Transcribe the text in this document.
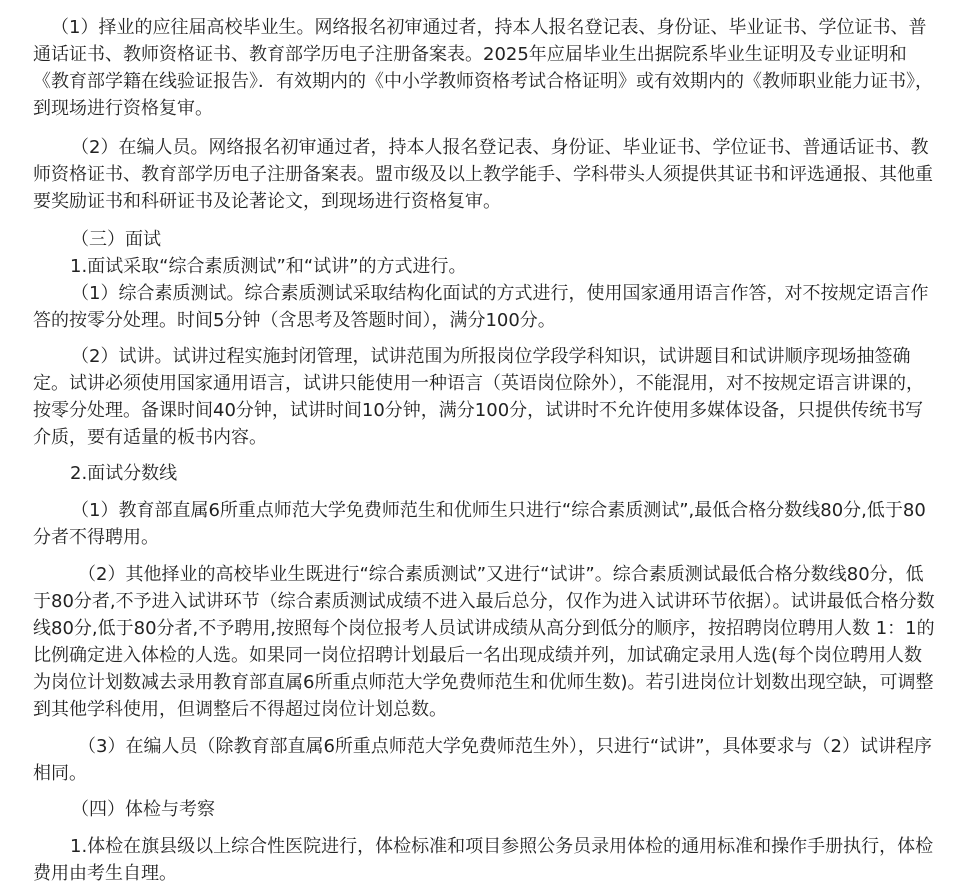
（1）择业的应往届高校毕业生。网络报名初审通过者，持本人报名登记表、身份证、毕业证书、学位证书、普通话证书、教师资格证书、教育部学历电子注册备案表。2025年应届毕业生出据院系毕业生证明及专业证明和《教育部学籍在线验证报告》．有效期内的《中小学教师资格考试合格证明》或有效期内的《教师职业能力证书》，到现场进行资格复审。

（2）在编人员。网络报名初审通过者，持本人报名登记表、身份证、毕业证书、学位证书、普通话证书、教师资格证书、教育部学历电子注册备案表。盟市级及以上教学能手、学科带头人须提供其证书和评选通报、其他重要奖励证书和科研证书及论著论文，到现场进行资格复审。

（三）面试

1.面试采取“综合素质测试”和“试讲”的方式进行。

（1）综合素质测试。综合素质测试采取结构化面试的方式进行，使用国家通用语言作答，对不按规定语言作答的按零分处理。时间5分钟（含思考及答题时间），满分100分。

（2）试讲。试讲过程实施封闭管理，试讲范围为所报岗位学段学科知识，试讲题目和试讲顺序现场抽签确定。试讲必须使用国家通用语言，试讲只能使用一种语言（英语岗位除外），不能混用，对不按规定语言讲课的，按零分处理。备课时间40分钟，试讲时间10分钟，满分100分，试讲时不允许使用多媒体设备，只提供传统书写介质，要有适量的板书内容。

2.面试分数线

（1）教育部直属6所重点师范大学免费师范生和优师生只进行“综合素质测试”,最低合格分数线80分,低于80分者不得聘用。

（2）其他择业的高校毕业生既进行“综合素质测试”又进行“试讲”。综合素质测试最低合格分数线80分，低于80分者,不予进入试讲环节（综合素质测试成绩不进入最后总分，仅作为进入试讲环节依据）。试讲最低合格分数线80分,低于80分者,不予聘用,按照每个岗位报考人员试讲成绩从高分到低分的顺序，按招聘岗位聘用人数 1：1的比例确定进入体检的人选。如果同一岗位招聘计划最后一名出现成绩并列，加试确定录用人选(每个岗位聘用人数为岗位计划数减去录用教育部直属6所重点师范大学免费师范生和优师生数)。若引进岗位计划数出现空缺，可调整到其他学科使用，但调整后不得超过岗位计划总数。

（3）在编人员（除教育部直属6所重点师范大学免费师范生外），只进行“试讲”，具体要求与（2）试讲程序相同。

（四）体检与考察

1.体检在旗县级以上综合性医院进行，体检标准和项目参照公务员录用体检的通用标准和操作手册执行，体检费用由考生自理。
